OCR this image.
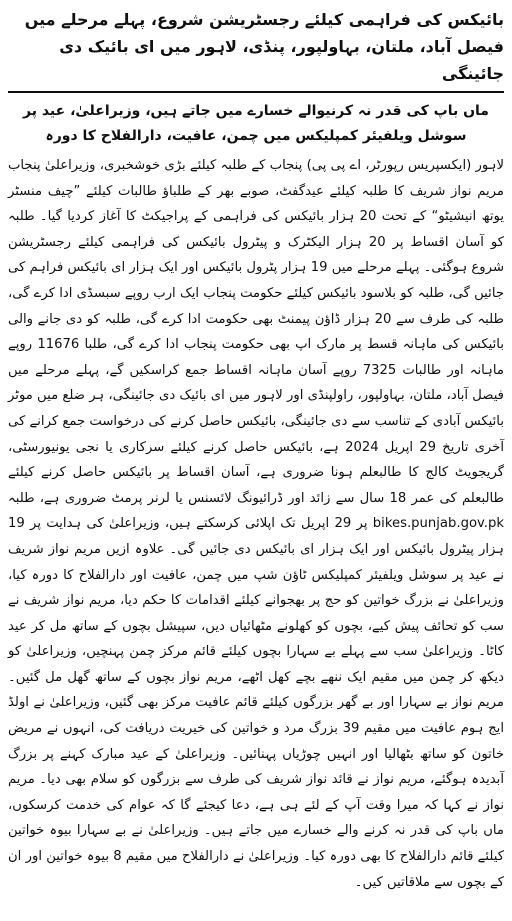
بائیکس کی فراہمی کیلئے رجسٹریشن شروع، پہلے مرحلے میں فیصل آباد، ملتان، بہاولپور، پنڈی، لاہور میں ای بائیک دی جائینگی
ماں باپ کی قدر نہ کرنیوالے خسارے میں جاتے ہیں، وزیراعلیٰ، عید پر سوشل ویلفیئر کمپلیکس میں چمن، عافیت، دارالفلاح کا دورہ

لاہور (ایکسپریس رپورٹر، اے پی پی) پنجاب کے طلبہ کیلئے بڑی خوشخبری، وزیراعلیٰ پنجاب مریم نواز شریف کا طلبہ کیلئے عیدگفٹ، صوبے بھر کے طلباؤ طالبات کیلئے ”چیف منسٹر یوتھ انیشیٹو“ کے تحت 20 ہزار بائیکس کی فراہمی کے پراجیکٹ کا آغاز کردیا گیا۔ طلبہ کو آسان اقساط پر 20 ہزار الیکٹرک و پیٹرول بائیکس کی فراہمی کیلئے رجسٹریشن شروع ہوگئی۔ پہلے مرحلے میں 19 ہزار پٹرول بائیکس اور ایک ہزار ای بائیکس فراہم کی جائیں گی، طلبہ کو بلاسود بائیکس کیلئے حکومت پنجاب ایک ارب روپے سبسڈی ادا کرے گی، طلبہ کی طرف سے 20 ہزار ڈاؤن پیمنٹ بھی حکومت ادا کرے گی، طلبہ کو دی جانے والی بائیکس کی ماہانہ قسط پر مارک اپ بھی حکومت پنجاب ادا کرے گی، طلبا 11676 روپے ماہانہ اور طالبات 7325 روپے آسان ماہانہ اقساط جمع کراسکیں گے، پہلے مرحلے میں فیصل آباد، ملتان، بہاولپور، راولپنڈی اور لاہور میں ای بائیک دی جائینگی، ہر ضلع میں موٹر بائیکس آبادی کے تناسب سے دی جائینگی، بائیکس حاصل کرنے کی درخواست جمع کرانے کی آخری تاریخ 29 اپریل 2024 ہے، بائیکس حاصل کرنے کیلئے سرکاری یا نجی یونیورسٹی، گریجویٹ کالج کا طالبعلم ہونا ضروری ہے، آسان اقساط پر بائیکس حاصل کرنے کیلئے طالبعلم کی عمر 18 سال سے زائد اور ڈرائیونگ لائسنس یا لرنر پرمٹ ضروری ہے، طلبہ bikes.punjab.gov.pk پر 29 اپریل تک اپلائی کرسکتے ہیں، وزیراعلیٰ کی ہدایت پر 19 ہزار پیٹرول بائیکس اور ایک ہزار ای بائیکس دی جائیں گی۔ علاوہ ازیں مریم نواز شریف نے عید پر سوشل ویلفیئر کمپلیکس ٹاؤن شپ میں چمن، عافیت اور دارالفلاح کا دورہ کیا، وزیراعلیٰ نے بزرگ خواتین کو حج پر بھجوانے کیلئے اقدامات کا حکم دیا، مریم نواز شریف نے سب کو تحائف پیش کیے، بچوں کو کھلونے مٹھائیاں دیں، سپیشل بچوں کے ساتھ مل کر عید کاٹا۔ وزیراعلیٰ سب سے پہلے بے سہارا بچوں کیلئے قائم مرکز چمن پہنچیں، وزیراعلیٰ کو دیکھ کر چمن میں مقیم ایک ننھے بچے کھل اٹھے، مریم نواز بچوں کے ساتھ گھل مل گئیں۔ مریم نواز بے سہارا اور بے گھر بزرگوں کیلئے قائم عافیت مرکز بھی گئیں، وزیراعلیٰ نے اولڈ ایج ہوم عافیت میں مقیم 39 بزرگ مرد و خواتین کی خیریت دریافت کی، انہوں نے مریض خاتون کو ساتھ بٹھالیا اور انہیں چوڑیاں پہنائیں۔ وزیراعلیٰ کے عید مبارک کہنے پر بزرگ آبدیدہ ہوگئے، مریم نواز نے قائد نواز شریف کی طرف سے بزرگوں کو سلام بھی دیا۔ مریم نواز نے کہا کہ میرا وقت آپ کے لئے ہی ہے، دعا کیجئے گا کہ عوام کی خدمت کرسکوں، ماں باپ کی قدر نہ کرنے والے خسارے میں جاتے ہیں۔ وزیراعلیٰ نے بے سہارا بیوہ خواتین کیلئے قائم دارالفلاح کا بھی دورہ کیا۔ وزیراعلیٰ نے دارالفلاح میں مقیم 8 بیوہ خواتین اور ان کے بچوں سے ملاقاتیں کیں۔
